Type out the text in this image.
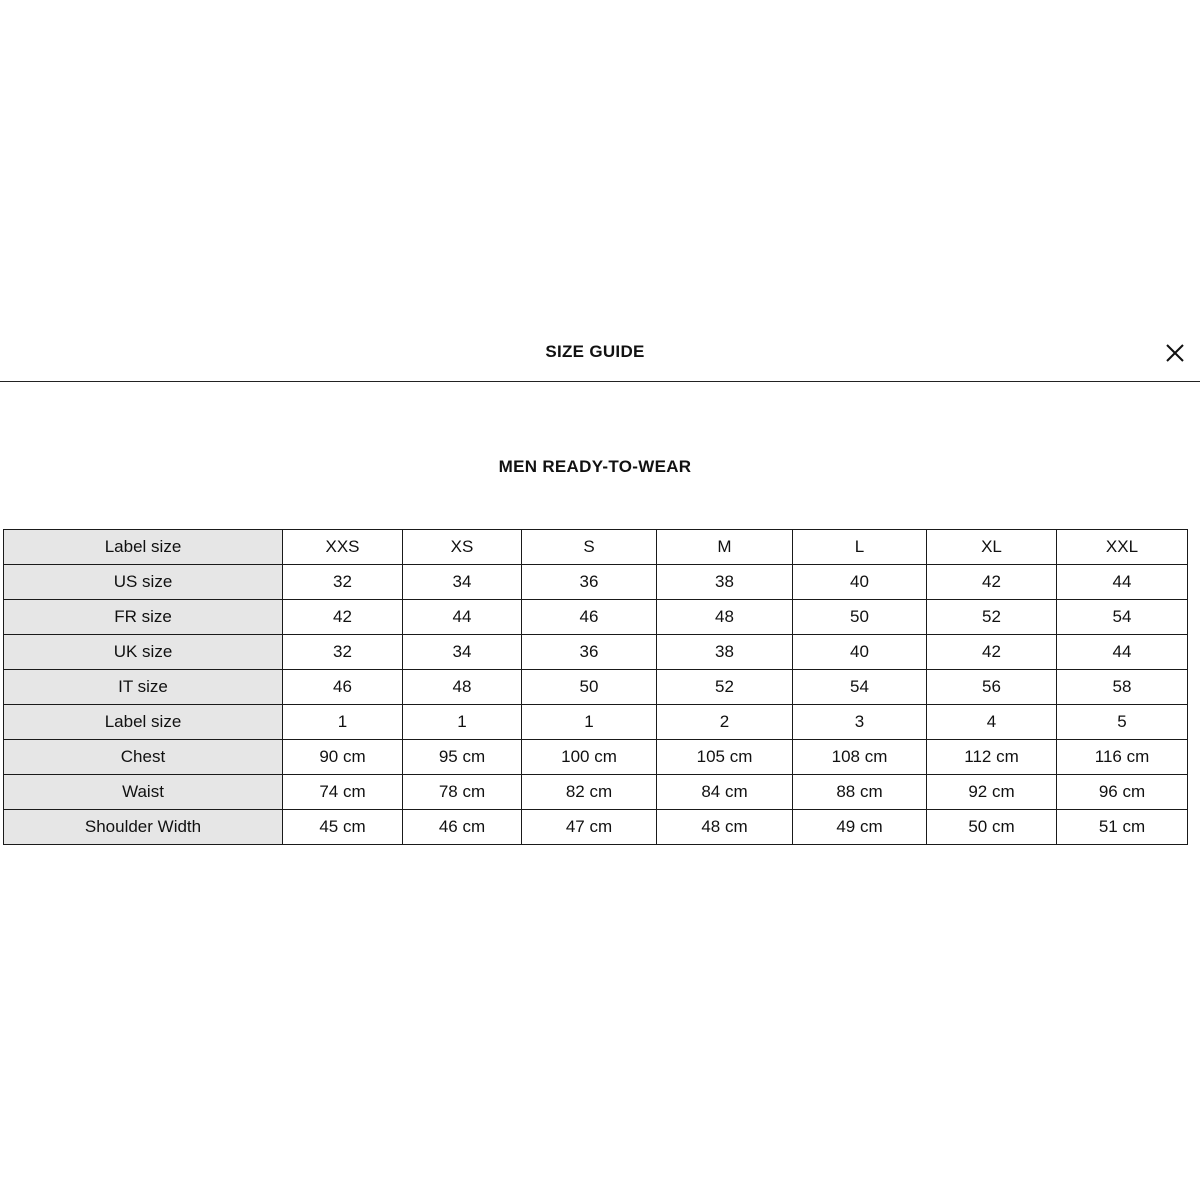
SIZE GUIDE
MEN READY-TO-WEAR
Label size	XXS	XS	S	M	L	XL	XXL
US size	32	34	36	38	40	42	44
FR size	42	44	46	48	50	52	54
UK size	32	34	36	38	40	42	44
IT size	46	48	50	52	54	56	58
Label size	1	1	1	2	3	4	5
Chest	90 cm	95 cm	100 cm	105 cm	108 cm	112 cm	116 cm
Waist	74 cm	78 cm	82 cm	84 cm	88 cm	92 cm	96 cm
Shoulder Width	45 cm	46 cm	47 cm	48 cm	49 cm	50 cm	51 cm
